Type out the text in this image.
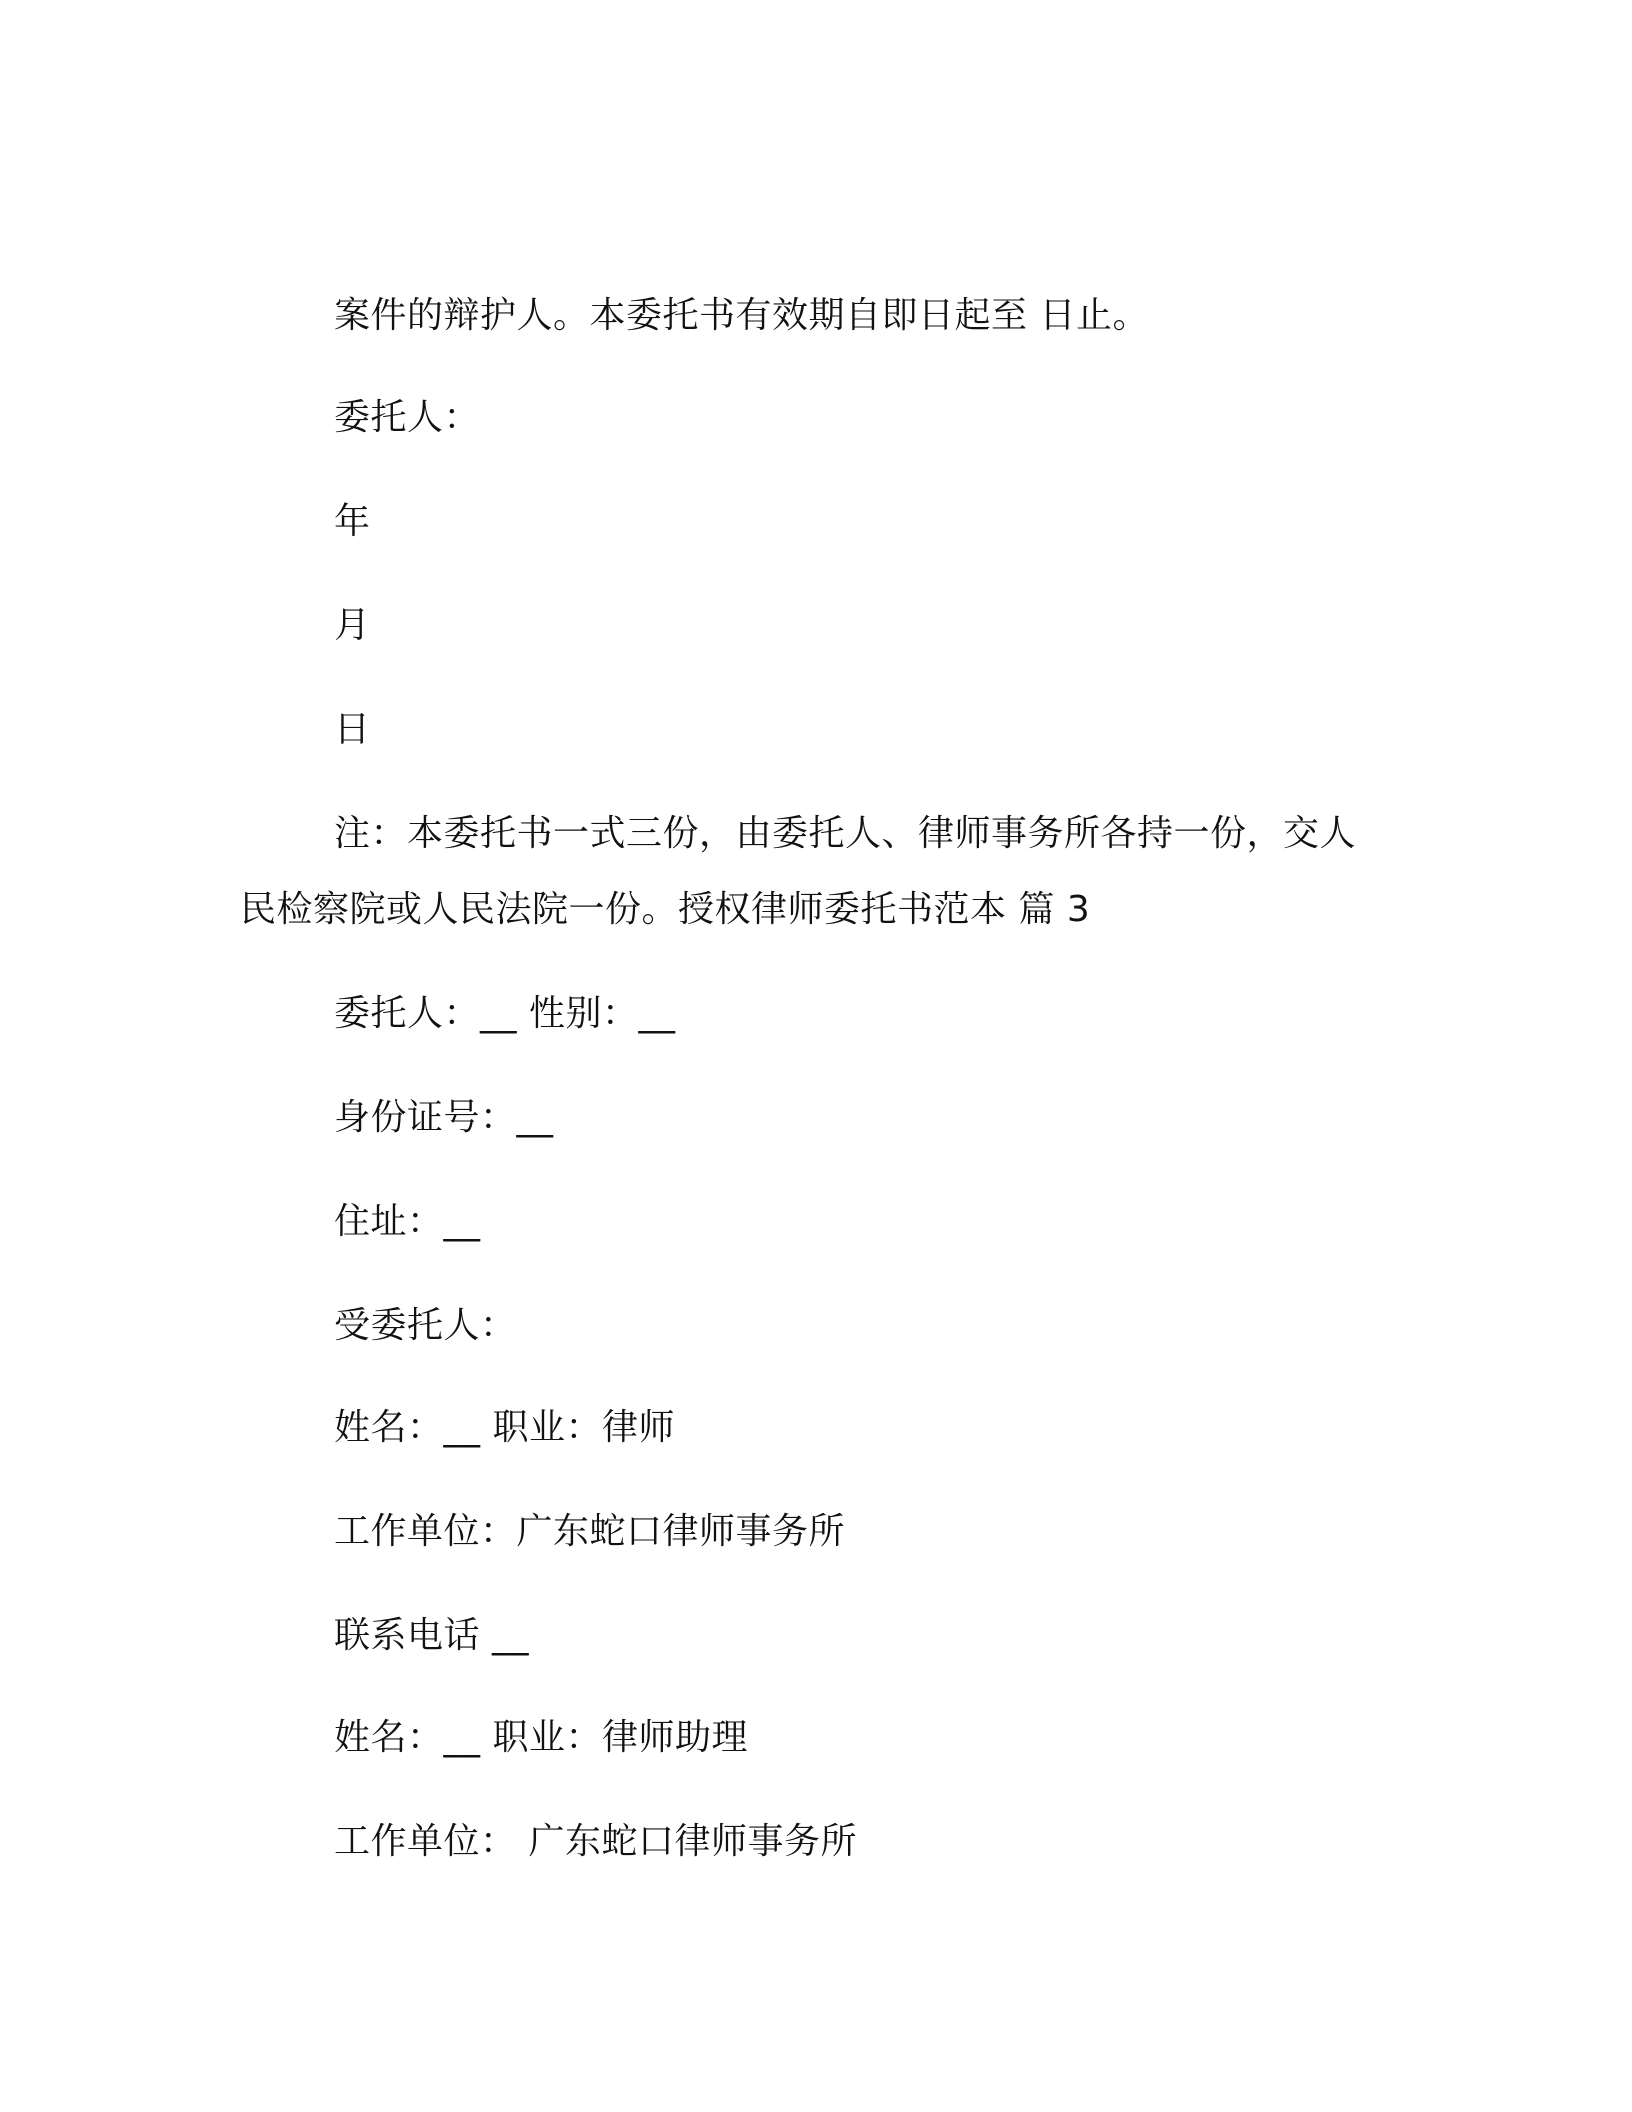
案件的辩护人。本委托书有效期自即日起至 日止。
委托人：
年
月
日
注：本委托书一式三份，由委托人、律师事务所各持一份，交人民检察院或人民法院一份。授权律师委托书范本 篇 3
委托人：__ 性别：__
身份证号：__
住址：__
受委托人：
姓名：__ 职业：律师
工作单位：广东蛇口律师事务所
联系电话 __
姓名：__ 职业：律师助理
工作单位： 广东蛇口律师事务所
